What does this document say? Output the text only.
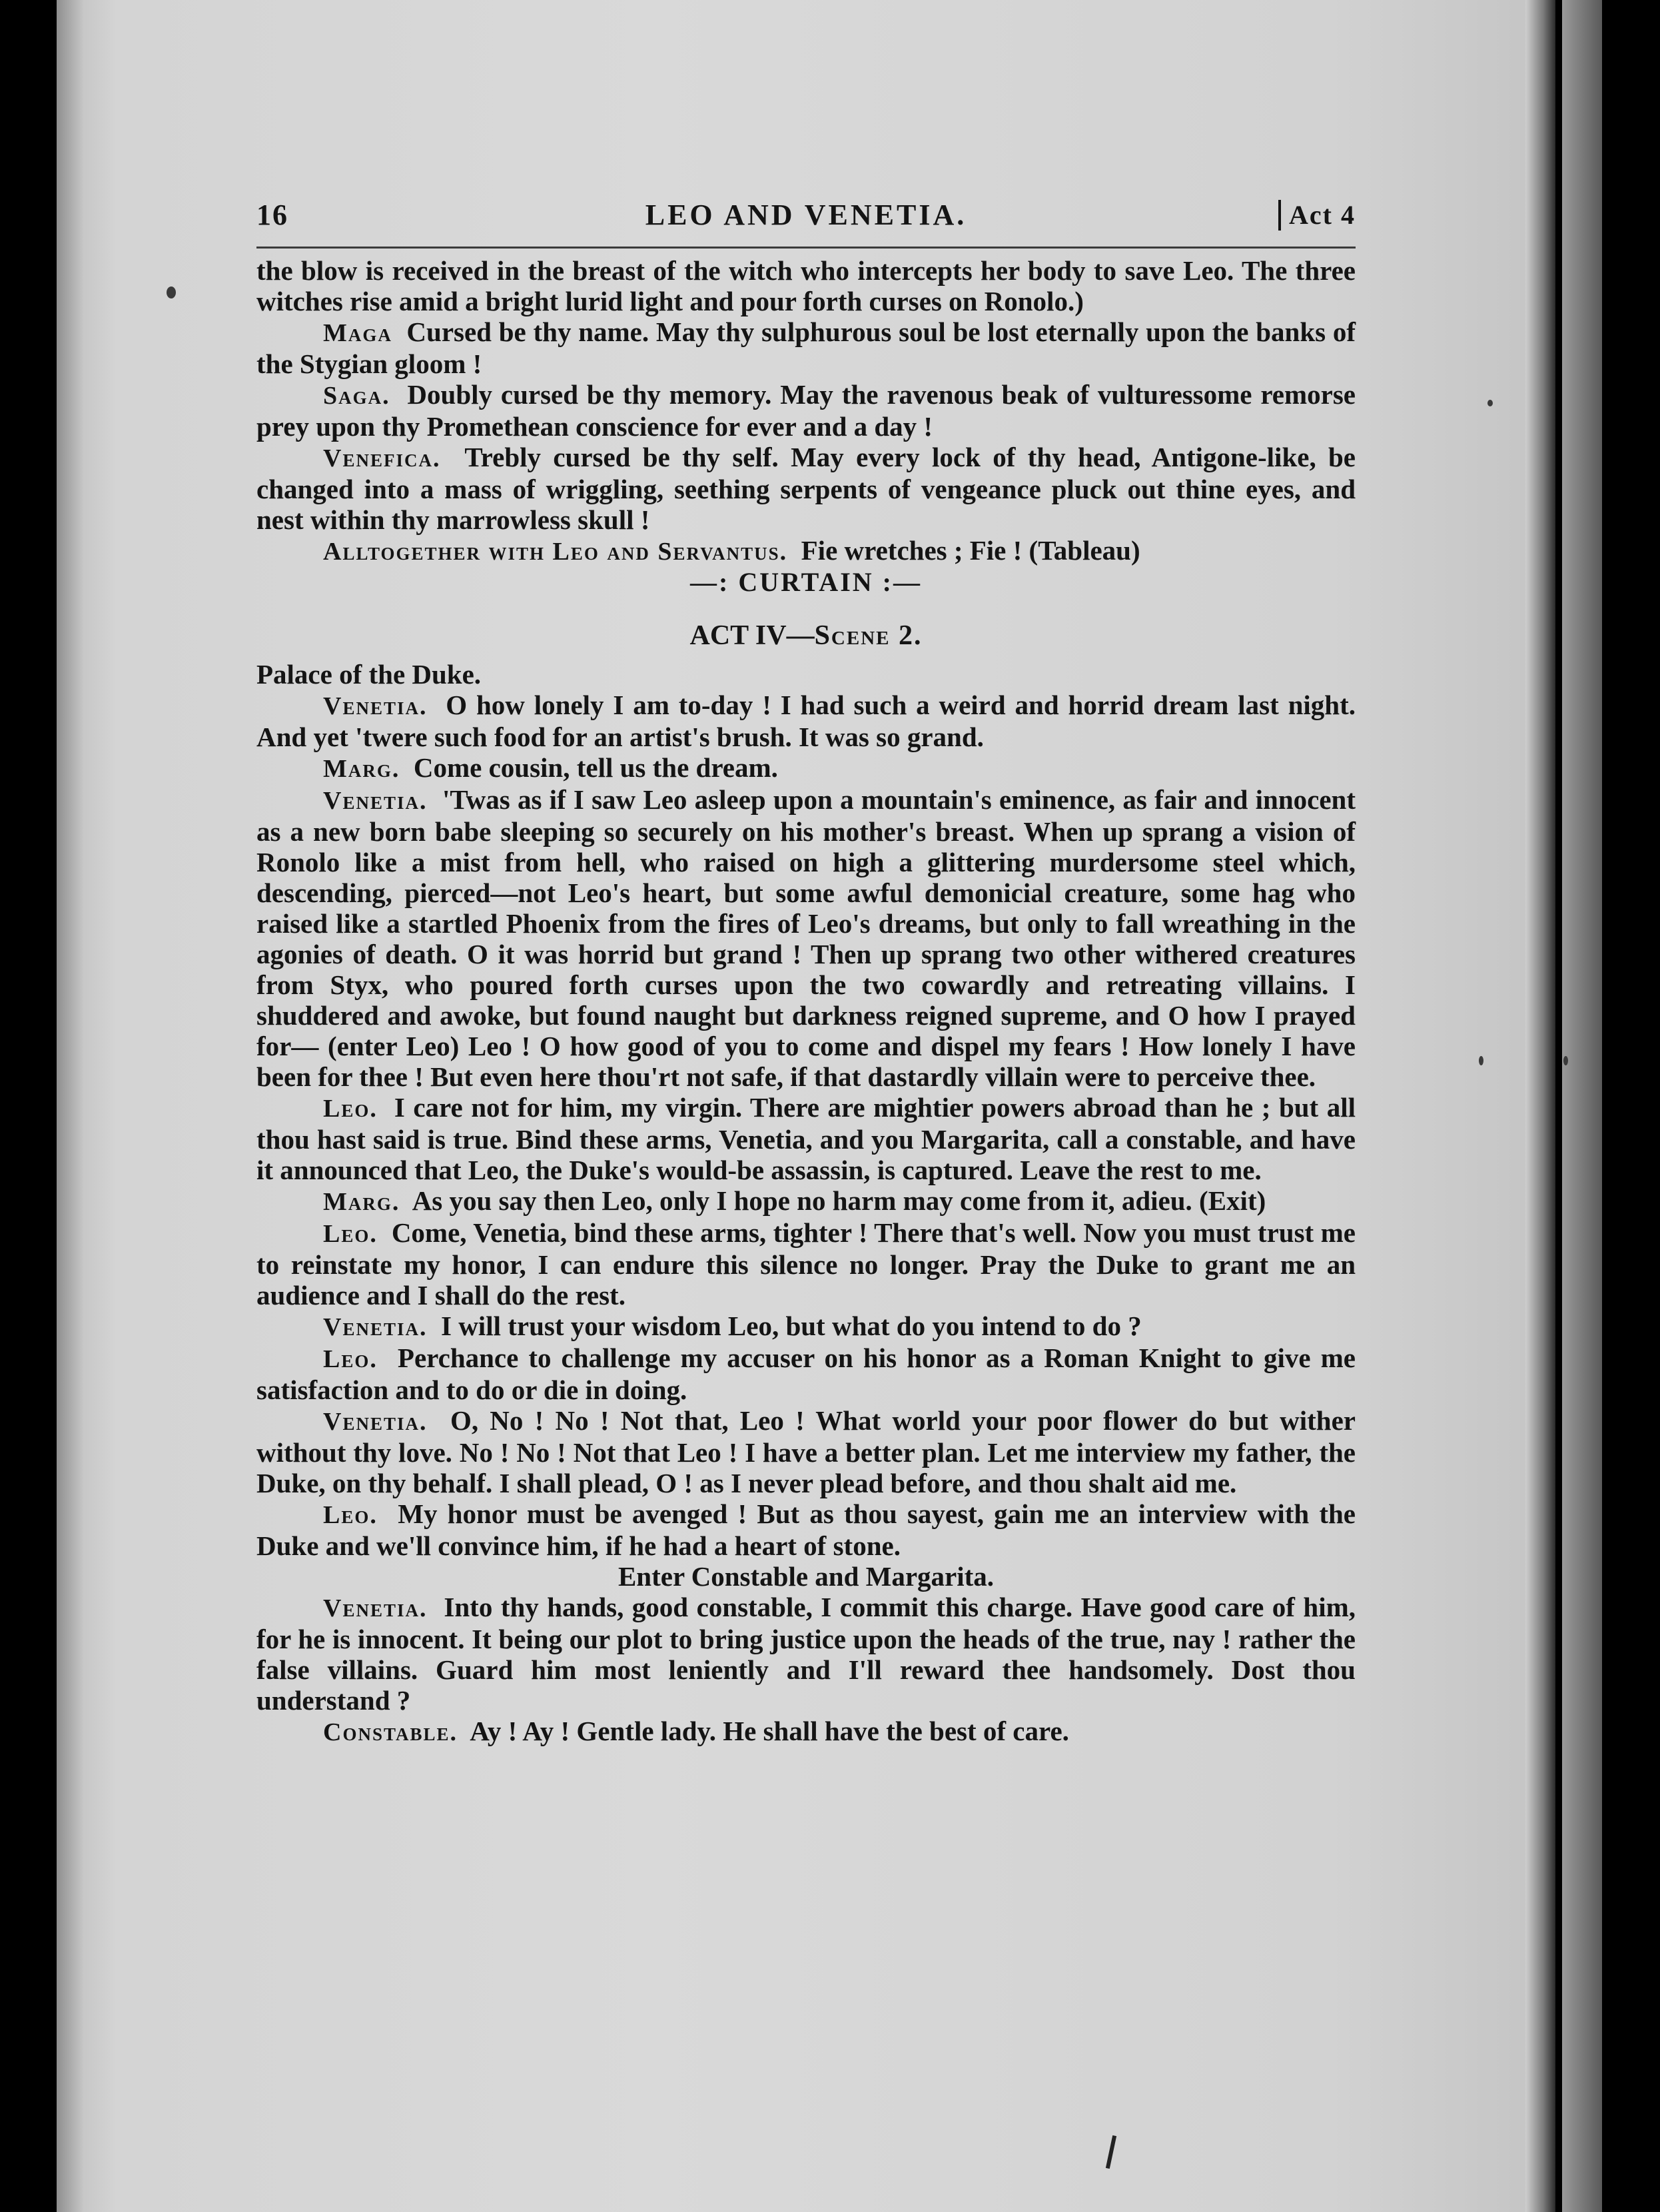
16	LEO AND VENETIA.	Act 4

the blow is received in the breast of the witch who intercepts her body to save Leo. The three witches rise amid a bright lurid light and pour forth curses on Ronolo.)

Maga Cursed be thy name. May thy sulphurous soul be lost eternally upon the banks of the Stygian gloom !

Saga. Doubly cursed be thy memory. May the ravenous beak of vulturessome remorse prey upon thy Promethean conscience for ever and a day !

Venefica. Trebly cursed be thy self. May every lock of thy head, Antigone-like, be changed into a mass of wriggling, seething serpents of vengeance pluck out thine eyes, and nest within thy marrowless skull !

Alltogether with Leo and Servantus. Fie wretches ; Fie ! (Tableau)

—: CURTAIN :—

ACT IV—Scene 2.

Palace of the Duke.

Venetia. O how lonely I am to-day ! I had such a weird and horrid dream last night. And yet 'twere such food for an artist's brush. It was so grand.

Marg. Come cousin, tell us the dream.

Venetia. 'Twas as if I saw Leo asleep upon a mountain's eminence, as fair and innocent as a new born babe sleeping so securely on his mother's breast. When up sprang a vision of Ronolo like a mist from hell, who raised on high a glittering murdersome steel which, descending, pierced—not Leo's heart, but some awful demonicial creature, some hag who raised like a startled Phoenix from the fires of Leo's dreams, but only to fall wreathing in the agonies of death. O it was horrid but grand ! Then up sprang two other withered creatures from Styx, who poured forth curses upon the two cowardly and retreating villains. I shuddered and awoke, but found naught but darkness reigned supreme, and O how I prayed for— (enter Leo) Leo ! O how good of you to come and dispel my fears ! How lonely I have been for thee ! But even here thou'rt not safe, if that dastardly villain were to perceive thee.

Leo. I care not for him, my virgin. There are mightier powers abroad than he ; but all thou hast said is true. Bind these arms, Venetia, and you Margarita, call a constable, and have it announced that Leo, the Duke's would-be assassin, is captured. Leave the rest to me.

Marg. As you say then Leo, only I hope no harm may come from it, adieu. (Exit)

Leo. Come, Venetia, bind these arms, tighter ! There that's well. Now you must trust me to reinstate my honor, I can endure this silence no longer. Pray the Duke to grant me an audience and I shall do the rest.

Venetia. I will trust your wisdom Leo, but what do you intend to do ?

Leo. Perchance to challenge my accuser on his honor as a Roman Knight to give me satisfaction and to do or die in doing.

Venetia. O, No ! No ! Not that, Leo ! What world your poor flower do but wither without thy love. No ! No ! Not that Leo ! I have a better plan. Let me interview my father, the Duke, on thy behalf. I shall plead, O ! as I never plead before, and thou shalt aid me.

Leo. My honor must be avenged ! But as thou sayest, gain me an interview with the Duke and we'll convince him, if he had a heart of stone.

Enter Constable and Margarita.

Venetia. Into thy hands, good constable, I commit this charge. Have good care of him, for he is innocent. It being our plot to bring justice upon the heads of the true, nay ! rather the false villains. Guard him most leniently and I'll reward thee handsomely. Dost thou understand ?

Constable. Ay ! Ay ! Gentle lady. He shall have the best of care.
